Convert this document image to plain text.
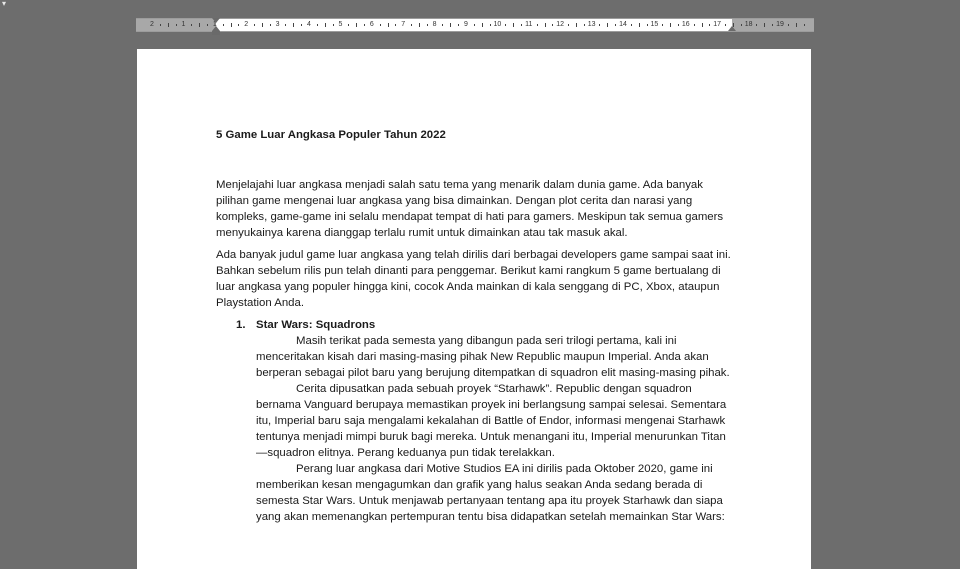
▾
2	1	1	2	3	4	5	6	7	8	9	10	11	12	13	14	15	16	17	18	19
5 Game Luar Angkasa Populer Tahun 2022

Menjelajahi luar angkasa menjadi salah satu tema yang menarik dalam dunia game. Ada banyak pilihan game mengenai luar angkasa yang bisa dimainkan. Dengan plot cerita dan narasi yang kompleks, game-game ini selalu mendapat tempat di hati para gamers. Meskipun tak semua gamers menyukainya karena dianggap terlalu rumit untuk dimainkan atau tak masuk akal.

Ada banyak judul game luar angkasa yang telah dirilis dari berbagai developers game sampai saat ini. Bahkan sebelum rilis pun telah dinanti para penggemar. Berikut kami rangkum 5 game bertualang di luar angkasa yang populer hingga kini, cocok Anda mainkan di kala senggang di PC, Xbox, ataupun Playstation Anda.

1. Star Wars: Squadrons

Masih terikat pada semesta yang dibangun pada seri trilogi pertama, kali ini menceritakan kisah dari masing-masing pihak New Republic maupun Imperial. Anda akan berperan sebagai pilot baru yang berujung ditempatkan di squadron elit masing-masing pihak.

Cerita dipusatkan pada sebuah proyek “Starhawk”. Republic dengan squadron bernama Vanguard berupaya memastikan proyek ini berlangsung sampai selesai. Sementara itu, Imperial baru saja mengalami kekalahan di Battle of Endor, informasi mengenai Starhawk tentunya menjadi mimpi buruk bagi mereka. Untuk menangani itu, Imperial menurunkan Titan—squadron elitnya. Perang keduanya pun tidak terelakkan.

Perang luar angkasa dari Motive Studios EA ini dirilis pada Oktober 2020, game ini memberikan kesan mengagumkan dan grafik yang halus seakan Anda sedang berada di semesta Star Wars. Untuk menjawab pertanyaan tentang apa itu proyek Starhawk dan siapa yang akan memenangkan pertempuran tentu bisa didapatkan setelah memainkan Star Wars:
